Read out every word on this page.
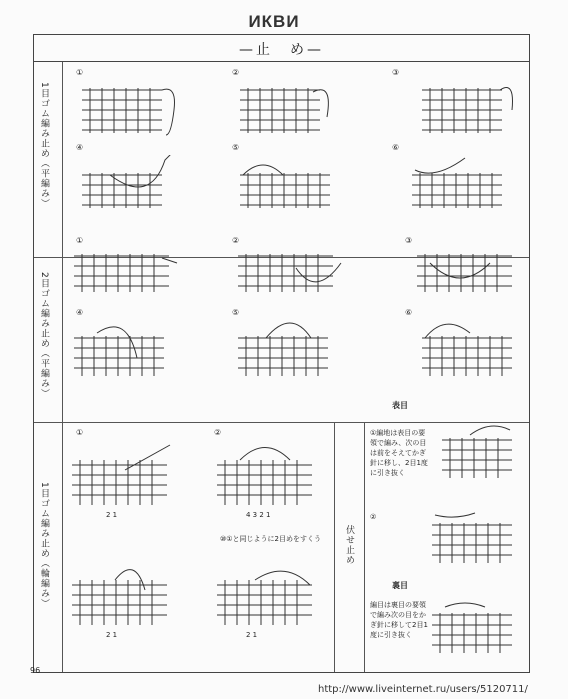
ИКВИ
—止　め—
1目ゴム編み止め（平編み）
2目ゴム編み止め（平編み）
1目ゴム編み止め（輪編み）	伏せ止め
①	②	③
④	⑤	⑥
①	②	③
④	⑤	⑥
①	②
2 1	4 3 2 1
⑩①と同じように2目めをすくう
2 1	2 1
表目
①編地は表目の要領で編み、次の目は前をそえてかぎ針に移し、2目1度に引き抜く
②
裏目
編目は裏目の要領で編み次の目をかぎ針に移して2目1度に引き抜く
96
http://www.liveinternet.ru/users/5120711/
